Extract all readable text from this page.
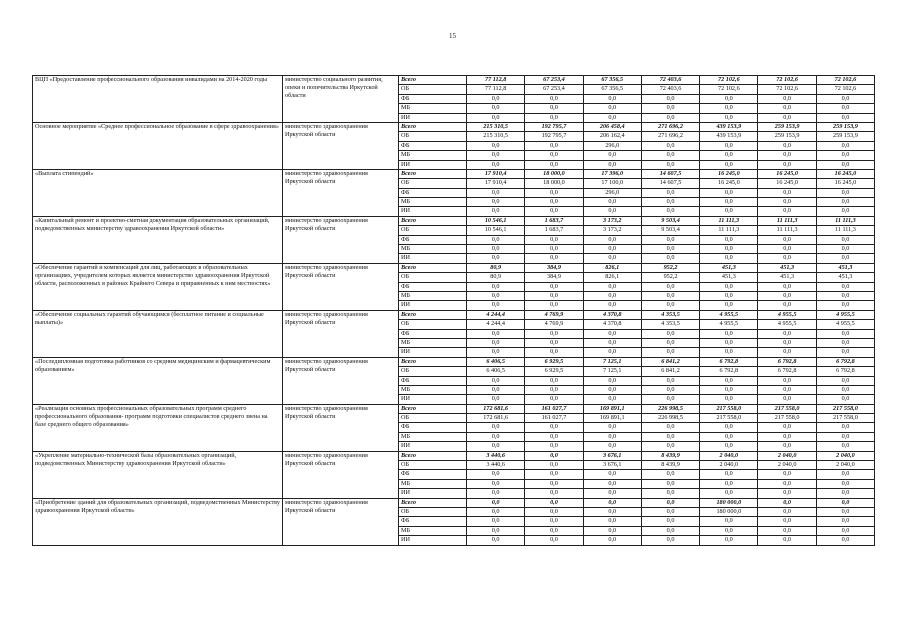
15
ВЦП «Предоставление профессионального образования инвалидами на 2014-2020 годы	министерство социального развития, опеки и попечительства Иркутской области	Всего	77 112,8	67 253,4	67 356,5	72 403,6	72 102,6	72 102,6	72 102,6
		ОБ	77 112,8	67 253,4	67 356,5	72 403,6	72 102,6	72 102,6	72 102,6
		ФБ	0,0	0,0	0,0	0,0	0,0	0,0	0,0
		МБ	0,0	0,0	0,0	0,0	0,0	0,0	0,0
		ИИ	0,0	0,0	0,0	0,0	0,0	0,0	0,0
Основное мероприятие «Среднее профессиональное образование в сфере здравоохранения»	министерство здравоохранения Иркутской области	Всего	215 310,5	192 795,7	206 458,4	271 696,2	439 153,9	259 153,9	259 153,9
		ОБ	215 310,5	192 795,7	206 162,4	271 696,2	439 153,9	259 153,9	259 153,9
		ФБ	0,0	0,0	296,0	0,0	0,0	0,0	0,0
		МБ	0,0	0,0	0,0	0,0	0,0	0,0	0,0
		ИИ	0,0	0,0	0,0	0,0	0,0	0,0	0,0
«Выплата стипендий»	министерство здравоохранения Иркутской области	Всего	17 910,4	18 000,0	17 396,0	14 607,5	16 245,0	16 245,0	16 245,0
		ОБ	17 910,4	18 000,0	17 100,0	14 607,5	16 245,0	16 245,0	16 245,0
		ФБ	0,0	0,0	296,0	0,0	0,0	0,0	0,0
		МБ	0,0	0,0	0,0	0,0	0,0	0,0	0,0
		ИИ	0,0	0,0	0,0	0,0	0,0	0,0	0,0
«Капитальный ремонт и проектно-сметная документация образовательных организаций, подведомственных министерству здравоохранения Иркутской области»	министерство здравоохранения Иркутской области	Всего	10 546,1	1 683,7	3 173,2	9 503,4	11 111,3	11 111,3	11 111,3
		ОБ	10 546,1	1 683,7	3 173,2	9 503,4	11 111,3	11 111,3	11 111,3
		ФБ	0,0	0,0	0,0	0,0	0,0	0,0	0,0
		МБ	0,0	0,0	0,0	0,0	0,0	0,0	0,0
		ИИ	0,0	0,0	0,0	0,0	0,0	0,0	0,0
«Обеспечение гарантий и компенсаций для лиц, работающих в образовательных организациях, учредителем которых является министерство здравоохранения Иркутской области, расположенных в районах Крайнего Севера и приравненных к ним местностях»	министерство здравоохранения Иркутской области	Всего	80,9	384,9	826,1	952,2	451,3	451,3	451,3
		ОБ	80,9	384,9	826,1	952,2	451,3	451,3	451,3
		ФБ	0,0	0,0	0,0	0,0	0,0	0,0	0,0
		МБ	0,0	0,0	0,0	0,0	0,0	0,0	0,0
		ИИ	0,0	0,0	0,0	0,0	0,0	0,0	0,0
«Обеспечение социальных гарантий обучающимся (бесплатное питание и социальные выплаты)»	министерство здравоохранения Иркутской области	Всего	4 244,4	4 769,9	4 370,8	4 353,5	4 955,5	4 955,5	4 955,5
		ОБ	4 244,4	4 769,9	4 370,8	4 353,5	4 955,5	4 955,5	4 955,5
		ФБ	0,0	0,0	0,0	0,0	0,0	0,0	0,0
		МБ	0,0	0,0	0,0	0,0	0,0	0,0	0,0
		ИИ	0,0	0,0	0,0	0,0	0,0	0,0	0,0
«Последипломная подготовка работников со средним медицинским и фармацевтическим образованием»	министерство здравоохранения Иркутской области	Всего	6 406,5	6 929,5	7 125,1	6 841,2	6 792,8	6 792,8	6 792,8
		ОБ	6 406,5	6 929,5	7 125,1	6 841,2	6 792,8	6 792,8	6 792,8
		ФБ	0,0	0,0	0,0	0,0	0,0	0,0	0,0
		МБ	0,0	0,0	0,0	0,0	0,0	0,0	0,0
		ИИ	0,0	0,0	0,0	0,0	0,0	0,0	0,0
«Реализация основных профессиональных образовательных программ среднего профессионального образования- программ подготовки специалистов среднего звена на базе среднего общего образования»	министерство здравоохранения Иркутской области	Всего	172 681,6	161 027,7	169 891,1	226 998,5	217 558,0	217 558,0	217 558,0
		ОБ	172 681,6	161 027,7	169 891,1	226 998,5	217 558,0	217 558,0	217 558,0
		ФБ	0,0	0,0	0,0	0,0	0,0	0,0	0,0
		МБ	0,0	0,0	0,0	0,0	0,0	0,0	0,0
		ИИ	0,0	0,0	0,0	0,0	0,0	0,0	0,0
«Укрепление материально-технической базы образовательных организаций, подведомственных Министерству здравоохранения Иркутской области»	министерство здравоохранения Иркутской области	Всего	3 440,6	0,0	3 676,1	8 439,9	2 040,0	2 040,0	2 040,0
		ОБ	3 440,6	0,0	3 676,1	8 439,9	2 040,0	2 040,0	2 040,0
		ФБ	0,0	0,0	0,0	0,0	0,0	0,0	0,0
		МБ	0,0	0,0	0,0	0,0	0,0	0,0	0,0
		ИИ	0,0	0,0	0,0	0,0	0,0	0,0	0,0
«Приобретение зданий для образовательных организаций, подведомственных Министерству здравоохранения Иркутской области»	министерство здравоохранения Иркутской области	Всего	0,0	0,0	0,0	0,0	180 000,0	0,0	0,0
		ОБ	0,0	0,0	0,0	0,0	180 000,0	0,0	0,0
		ФБ	0,0	0,0	0,0	0,0	0,0	0,0	0,0
		МБ	0,0	0,0	0,0	0,0	0,0	0,0	0,0
		ИИ	0,0	0,0	0,0	0,0	0,0	0,0	0,0
